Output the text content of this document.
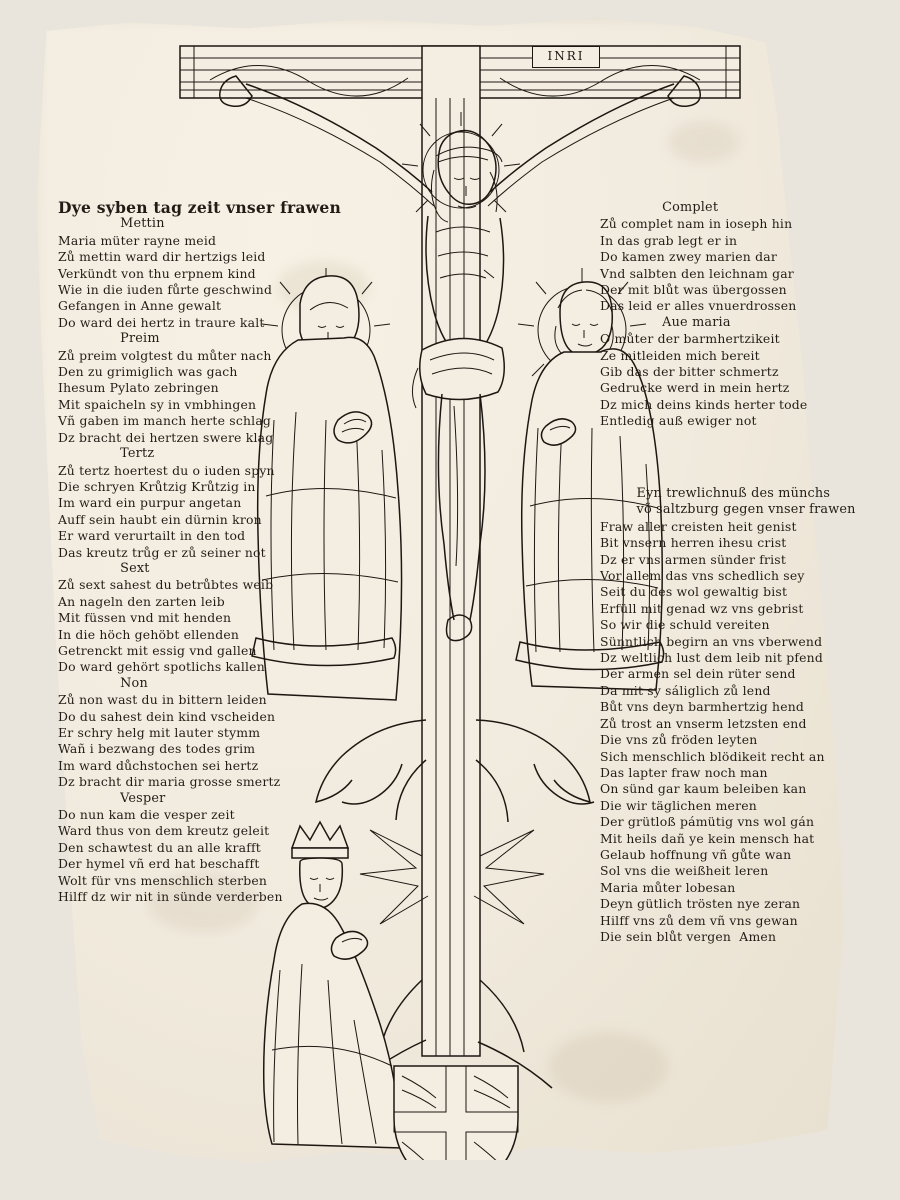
INRI
Dye syben tag zeit vnser frawen
Mettin
Maria müter rayne meid
Zů mettin ward dir hertzigs leid
Verkündt von thu erpnem kind
Wie in die iuden fůrte geschwind
Gefangen in Anne gewalt
Do ward dei hertz in traure kalt
Preim
Zů preim volgtest du můter nach
Den zu grimiglich was gach
Ihesum Pylato zebringen
Mit spaicheln sy in vmbhingen
Vñ gaben im manch herte schlag
Dz bracht dei hertzen swere klag
Tertz
Zů tertz hoertest du o iuden spyn
Die schryen Krůtzig Krůtzig in
Im ward ein purpur angetan
Auff sein haubt ein dürnin kron
Er ward verurtailt in den tod
Das kreutz trůg er zů seiner not
Sext
Zů sext sahest du betrůbtes weib
An nageln den zarten leib
Mit füssen vnd mit henden
In die höch gehöbt ellenden
Getrenckt mit essig vnd gallen
Do ward gehört spotlichs kallen
Non
Zů non wast du in bittern leiden
Do du sahest dein kind vscheiden
Er schry helg mit lauter stymm
Wañ i bezwang des todes grim
Im ward důchstochen sei hertz
Dz bracht dir maria grosse smertz
Vesper
Do nun kam die vesper zeit
Ward thus von dem kreutz geleit
Den schawtest du an alle krafft
Der hymel vñ erd hat beschafft
Wolt für vns menschlich sterben
Hilff dz wir nit in sünde verderben
Complet
Zů complet nam in ioseph hin
In das grab legt er in
Do kamen zwey marien dar
Vnd salbten den leichnam gar
Der mit blůt was übergossen
Das leid er alles vnuerdrossen
Aue maria
O můter der barmhertzikeit
Ze mitleiden mich bereit
Gib das der bitter schmertz
Gedrucke werd in mein hertz
Dz mich deins kinds herter tode
Entledig auß ewiger not
Eyn trewlichnuß des münchs
võ saltzburg gegen vnser frawen
Fraw aller creisten heit genist
Bit vnsern herren ihesu crist
Dz er vns armen sünder frist
Vor allem das vns schedlich sey
Seit du des wol gewaltig bist
Erfüll mit genad wz vns gebrist
So wir die schuld vereiten
Sünntlich begirn an vns vberwend
Dz weltlich lust dem leib nit pfend
Der armen sel dein rüter send
Da mit sy sáliglich zů lend
Bůt vns deyn barmhertzig hend
Zů trost an vnserm letzsten end
Die vns zů fröden leyten
Sich menschlich blödikeit recht an
Das lapter fraw noch man
On sünd gar kaum beleiben kan
Die wir täglichen meren
Der grütloß pámütig vns wol gán
Mit heils dañ ye kein mensch hat
Gelaub hoffnung vñ gůte wan
Sol vns die weißheit leren
Maria můter lobesan
Deyn gütlich trösten nye zeran
Hilff vns zů dem vñ vns gewan
Die sein blůt vergen  Amen
